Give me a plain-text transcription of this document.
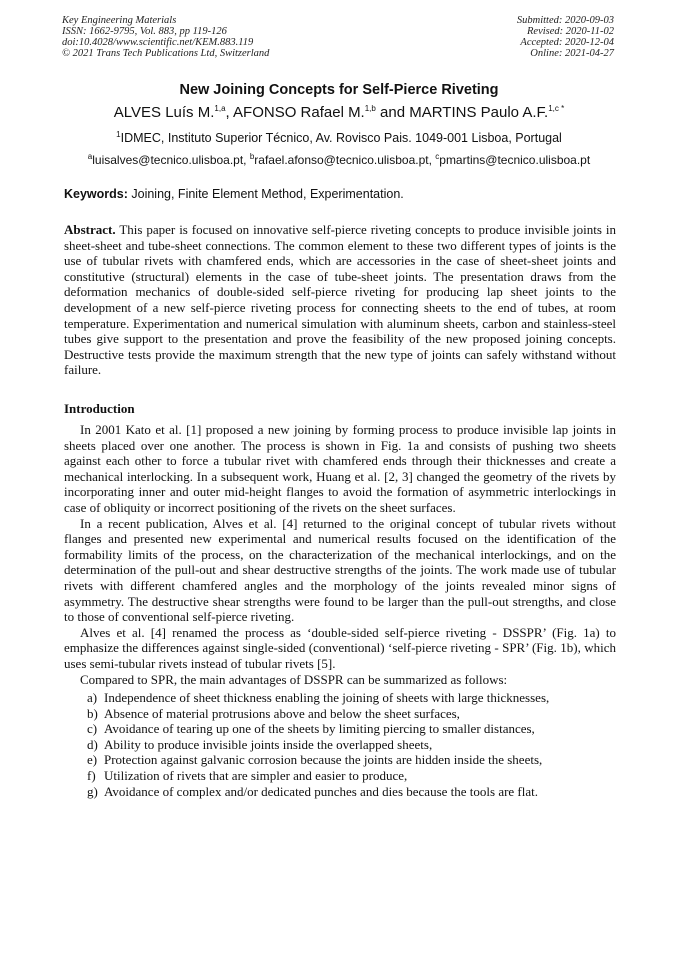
Key Engineering Materials
ISSN: 1662-9795, Vol. 883, pp 119-126
doi:10.4028/www.scientific.net/KEM.883.119
© 2021 Trans Tech Publications Ltd, Switzerland
Submitted: 2020-09-03
Revised: 2020-11-02
Accepted: 2020-12-04
Online: 2021-04-27
New Joining Concepts for Self-Pierce Riveting
ALVES Luís M.$^{1,a}$, AFONSO Rafael M.$^{1,b}$ and MARTINS Paulo A.F.$^{1,c *}$
$^1$IDMEC, Instituto Superior Técnico, Av. Rovisco Pais. 1049-001 Lisboa, Portugal
$^a$luisalves@tecnico.ulisboa.pt, $^b$rafael.afonso@tecnico.ulisboa.pt, $^c$pmartins@tecnico.ulisboa.pt
Keywords: Joining, Finite Element Method, Experimentation.
Abstract. This paper is focused on innovative self-pierce riveting concepts to produce invisible joints in sheet-sheet and tube-sheet connections. The common element to these two different types of joints is the use of tubular rivets with chamfered ends, which are accessories in the case of sheet-sheet joints and constitutive (structural) elements in the case of tube-sheet joints. The presentation draws from the deformation mechanics of double-sided self-pierce riveting for producing lap sheet joints to the development of a new self-pierce riveting process for connecting sheets to the end of tubes, at room temperature. Experimentation and numerical simulation with aluminum sheets, carbon and stainless-steel tubes give support to the presentation and prove the feasibility of the new proposed joining concepts. Destructive tests provide the maximum strength that the new type of joints can safely withstand without failure.
Introduction

In 2001 Kato et al. [1] proposed a new joining by forming process to produce invisible lap joints in sheets placed over one another. The process is shown in Fig. 1a and consists of pushing two sheets against each other to force a tubular rivet with chamfered ends through their thicknesses and create a mechanical interlocking. In a subsequent work, Huang et al. [2, 3] changed the geometry of the rivets by incorporating inner and outer mid-height flanges to avoid the formation of asymmetric interlockings in case of obliquity or incorrect positioning of the rivets on the sheet surfaces.

In a recent publication, Alves et al. [4] returned to the original concept of tubular rivets without flanges and presented new experimental and numerical results focused on the identification of the formability limits of the process, on the characterization of the mechanical interlockings, and on the determination of the pull-out and shear destructive strengths of the joints. The work made use of tubular rivets with different chamfered angles and the morphology of the joints revealed minor signs of asymmetry. The destructive shear strengths were found to be larger than the pull-out strengths, and close to those of conventional self-pierce riveting.

Alves et al. [4] renamed the process as ‘double-sided self-pierce riveting - DSSPR’ (Fig. 1a) to emphasize the differences against single-sided (conventional) ‘self-pierce riveting - SPR’ (Fig. 1b), which uses semi-tubular rivets instead of tubular rivets [5].

Compared to SPR, the main advantages of DSSPR can be summarized as follows:

a) Independence of sheet thickness enabling the joining of sheets with large thicknesses,
b) Absence of material protrusions above and below the sheet surfaces,
c) Avoidance of tearing up one of the sheets by limiting piercing to smaller distances,
d) Ability to produce invisible joints inside the overlapped sheets,
e) Protection against galvanic corrosion because the joints are hidden inside the sheets,
f) Utilization of rivets that are simpler and easier to produce,
g) Avoidance of complex and/or dedicated punches and dies because the tools are flat.
